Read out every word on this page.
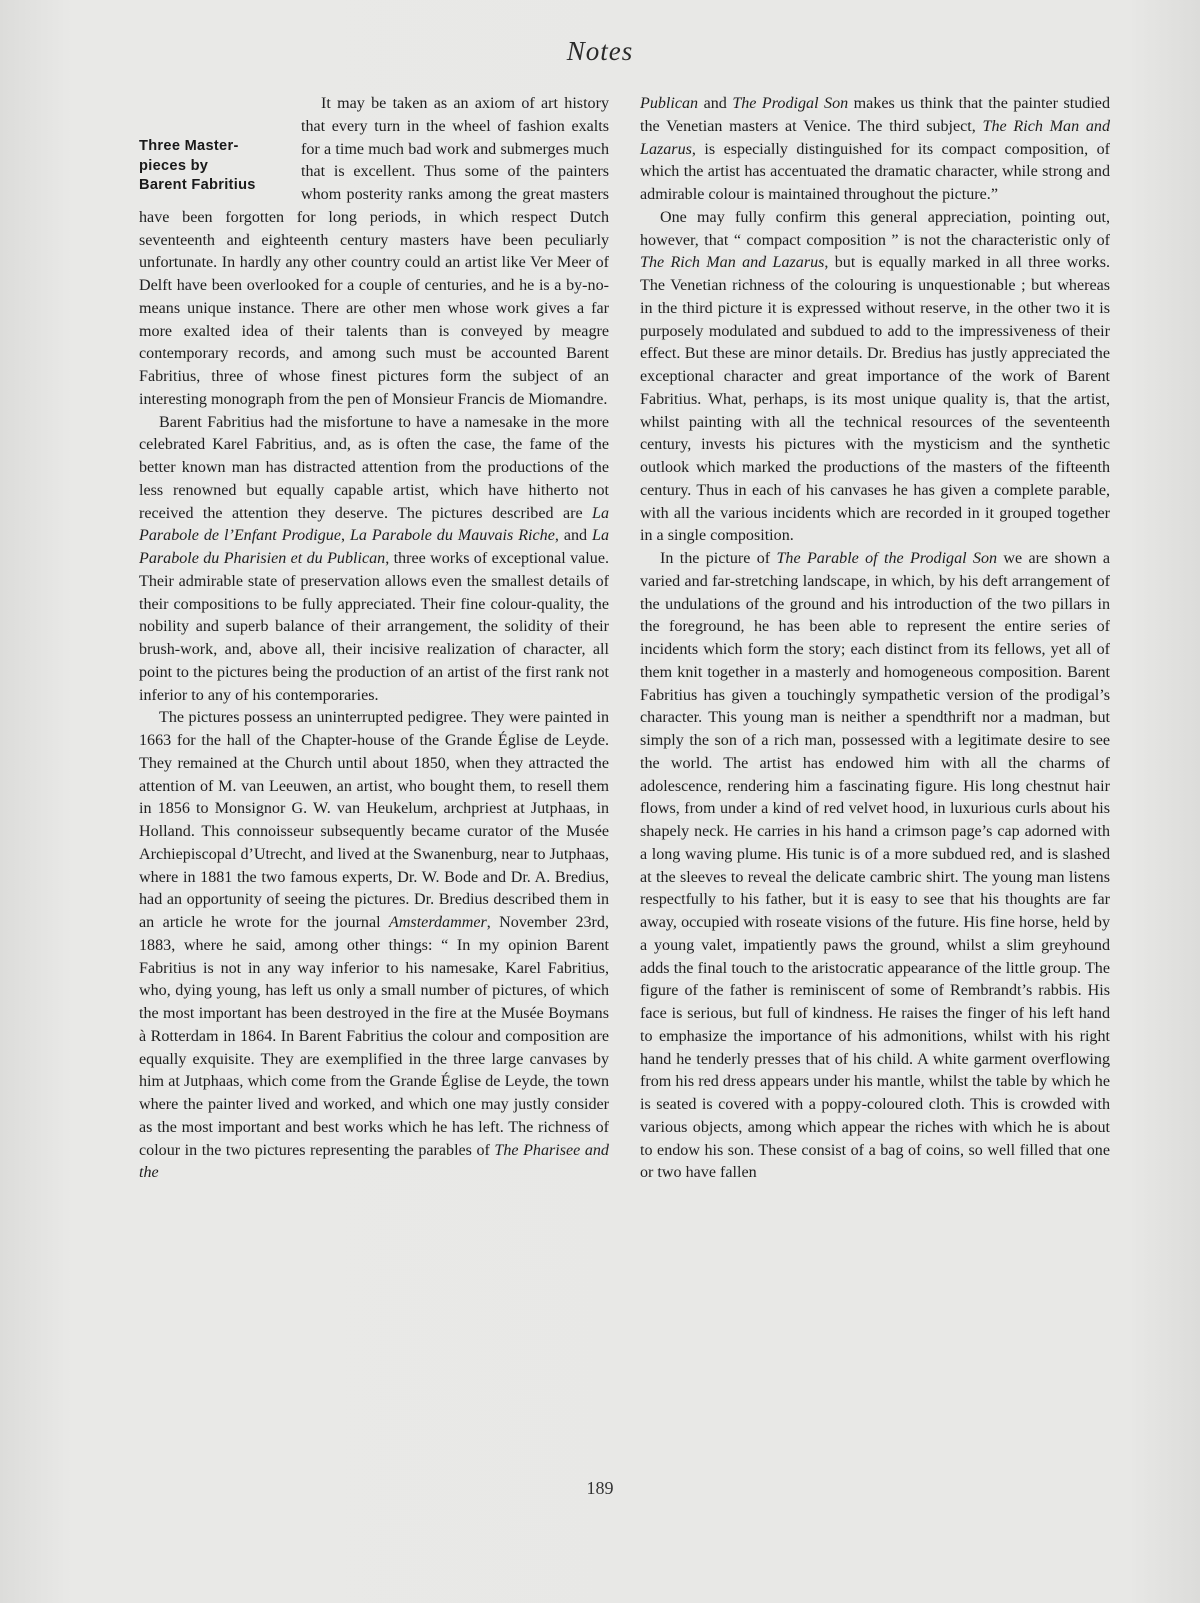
Notes
Three Master-
pieces by
Barent Fabritius

It may be taken as an axiom of art history that every turn in the wheel of fashion exalts for a time much bad work and submerges much that is excellent. Thus some of the painters whom posterity ranks among the great masters have been forgotten for long periods, in which respect Dutch seventeenth and eighteenth century masters have been peculiarly unfortunate. In hardly any other country could an artist like Ver Meer of Delft have been overlooked for a couple of centuries, and he is a by-no-means unique instance. There are other men whose work gives a far more exalted idea of their talents than is conveyed by meagre contemporary records, and among such must be accounted Barent Fabritius, three of whose finest pictures form the subject of an interesting monograph from the pen of Monsieur Francis de Miomandre.

Barent Fabritius had the misfortune to have a namesake in the more celebrated Karel Fabritius, and, as is often the case, the fame of the better known man has distracted attention from the productions of the less renowned but equally capable artist, which have hitherto not received the attention they deserve. The pictures described are La Parabole de l’Enfant Prodigue, La Parabole du Mauvais Riche, and La Parabole du Pharisien et du Publican, three works of exceptional value. Their admirable state of preservation allows even the smallest details of their compositions to be fully appreciated. Their fine colour-quality, the nobility and superb balance of their arrangement, the solidity of their brush-work, and, above all, their incisive realization of character, all point to the pictures being the production of an artist of the first rank not inferior to any of his contemporaries.

The pictures possess an uninterrupted pedigree. They were painted in 1663 for the hall of the Chapter-house of the Grande Église de Leyde. They remained at the Church until about 1850, when they attracted the attention of M. van Leeuwen, an artist, who bought them, to resell them in 1856 to Monsignor G. W. van Heukelum, archpriest at Jutphaas, in Holland. This connoisseur subsequently became curator of the Musée Archiepiscopal d’Utrecht, and lived at the Swanenburg, near to Jutphaas, where in 1881 the two famous experts, Dr. W. Bode and Dr. A. Bredius, had an opportunity of seeing the pictures. Dr. Bredius described them in an article he wrote for the journal Amsterdammer, November 23rd, 1883, where he said, among other things: “ In my opinion Barent Fabritius is not in any way inferior to his namesake, Karel Fabritius, who, dying young, has left us only a small number of pictures, of which the most important has been destroyed in the fire at the Musée Boymans à Rotterdam in 1864. In Barent Fabritius the colour and composition are equally exquisite. They are exemplified in the three large canvases by him at Jutphaas, which come from the Grande Église de Leyde, the town where the painter lived and worked, and which one may justly consider as the most important and best works which he has left. The richness of colour in the two pictures representing the parables of The Pharisee and the

Publican and The Prodigal Son makes us think that the painter studied the Venetian masters at Venice. The third subject, The Rich Man and Lazarus, is especially distinguished for its compact composition, of which the artist has accentuated the dramatic character, while strong and admirable colour is maintained throughout the picture.”

One may fully confirm this general appreciation, pointing out, however, that “ compact composition ” is not the characteristic only of The Rich Man and Lazarus, but is equally marked in all three works. The Venetian richness of the colouring is unquestionable ; but whereas in the third picture it is expressed without reserve, in the other two it is purposely modulated and subdued to add to the impressiveness of their effect. But these are minor details. Dr. Bredius has justly appreciated the exceptional character and great importance of the work of Barent Fabritius. What, perhaps, is its most unique quality is, that the artist, whilst painting with all the technical resources of the seventeenth century, invests his pictures with the mysticism and the synthetic outlook which marked the productions of the masters of the fifteenth century. Thus in each of his canvases he has given a complete parable, with all the various incidents which are recorded in it grouped together in a single composition.

In the picture of The Parable of the Prodigal Son we are shown a varied and far-stretching landscape, in which, by his deft arrangement of the undulations of the ground and his introduction of the two pillars in the foreground, he has been able to represent the entire series of incidents which form the story; each distinct from its fellows, yet all of them knit together in a masterly and homogeneous composition. Barent Fabritius has given a touchingly sympathetic version of the prodigal’s character. This young man is neither a spendthrift nor a madman, but simply the son of a rich man, possessed with a legitimate desire to see the world. The artist has endowed him with all the charms of adolescence, rendering him a fascinating figure. His long chestnut hair flows, from under a kind of red velvet hood, in luxurious curls about his shapely neck. He carries in his hand a crimson page’s cap adorned with a long waving plume. His tunic is of a more subdued red, and is slashed at the sleeves to reveal the delicate cambric shirt. The young man listens respectfully to his father, but it is easy to see that his thoughts are far away, occupied with roseate visions of the future. His fine horse, held by a young valet, impatiently paws the ground, whilst a slim greyhound adds the final touch to the aristocratic appearance of the little group. The figure of the father is reminiscent of some of Rembrandt’s rabbis. His face is serious, but full of kindness. He raises the finger of his left hand to emphasize the importance of his admonitions, whilst with his right hand he tenderly presses that of his child. A white garment overflowing from his red dress appears under his mantle, whilst the table by which he is seated is covered with a poppy-coloured cloth. This is crowded with various objects, among which appear the riches with which he is about to endow his son. These consist of a bag of coins, so well filled that one or two have fallen

189
